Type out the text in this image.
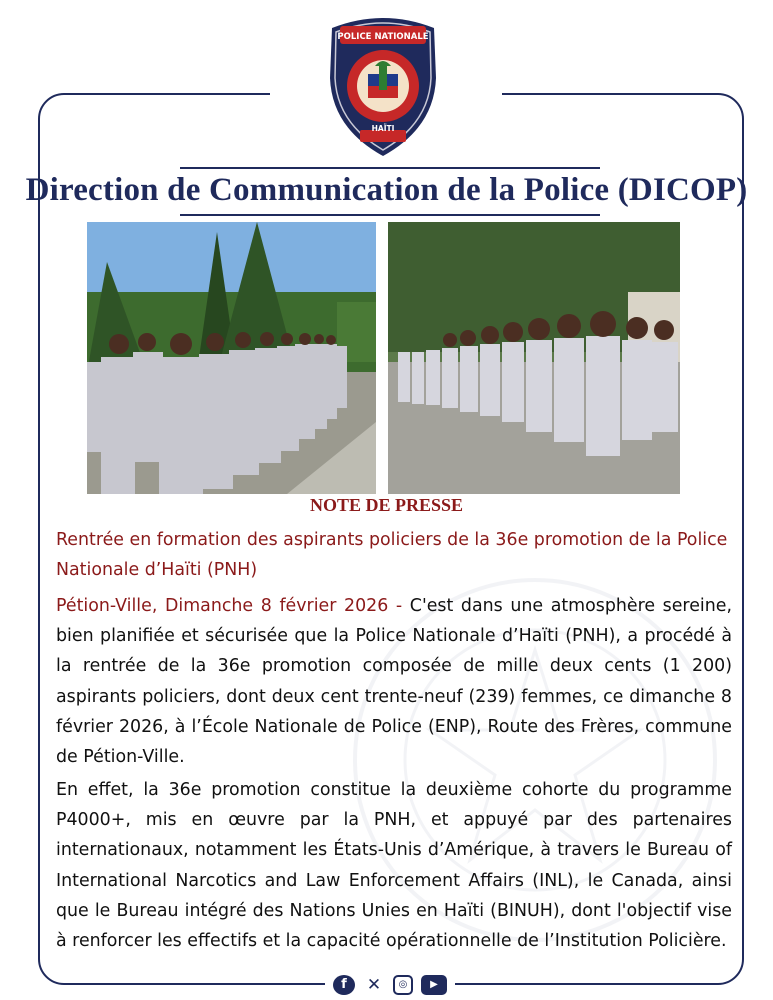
POLICE NATIONALE
HAÏTI
Direction de Communication de la Police (DICOP)
NOTE DE PRESSE
Rentrée en formation des aspirants policiers de la 36e promotion de la Police Nationale d’Haïti (PNH)
Pétion-Ville, Dimanche 8 février 2026 - C'est dans une atmosphère sereine, bien planifiée et sécurisée que la Police Nationale d’Haïti (PNH), a procédé à la rentrée de la 36e promotion composée de mille deux cents (1 200) aspirants policiers, dont deux cent trente-neuf (239) femmes, ce dimanche 8 février 2026, à l’École Nationale de Police (ENP), Route des Frères, commune de Pétion-Ville.
En effet, la 36e promotion constitue la deuxième cohorte du programme P4000+, mis en œuvre par la PNH, et appuyé par des partenaires internationaux, notamment les États-Unis d’Amérique, à travers le Bureau of International Narcotics and Law Enforcement Affairs (INL), le Canada, ainsi que le Bureau intégré des Nations Unies en Haïti (BINUH), dont l'objectif vise à renforcer les effectifs et la capacité opérationnelle de l’Institution Policière.
f	✕	◎	▶
